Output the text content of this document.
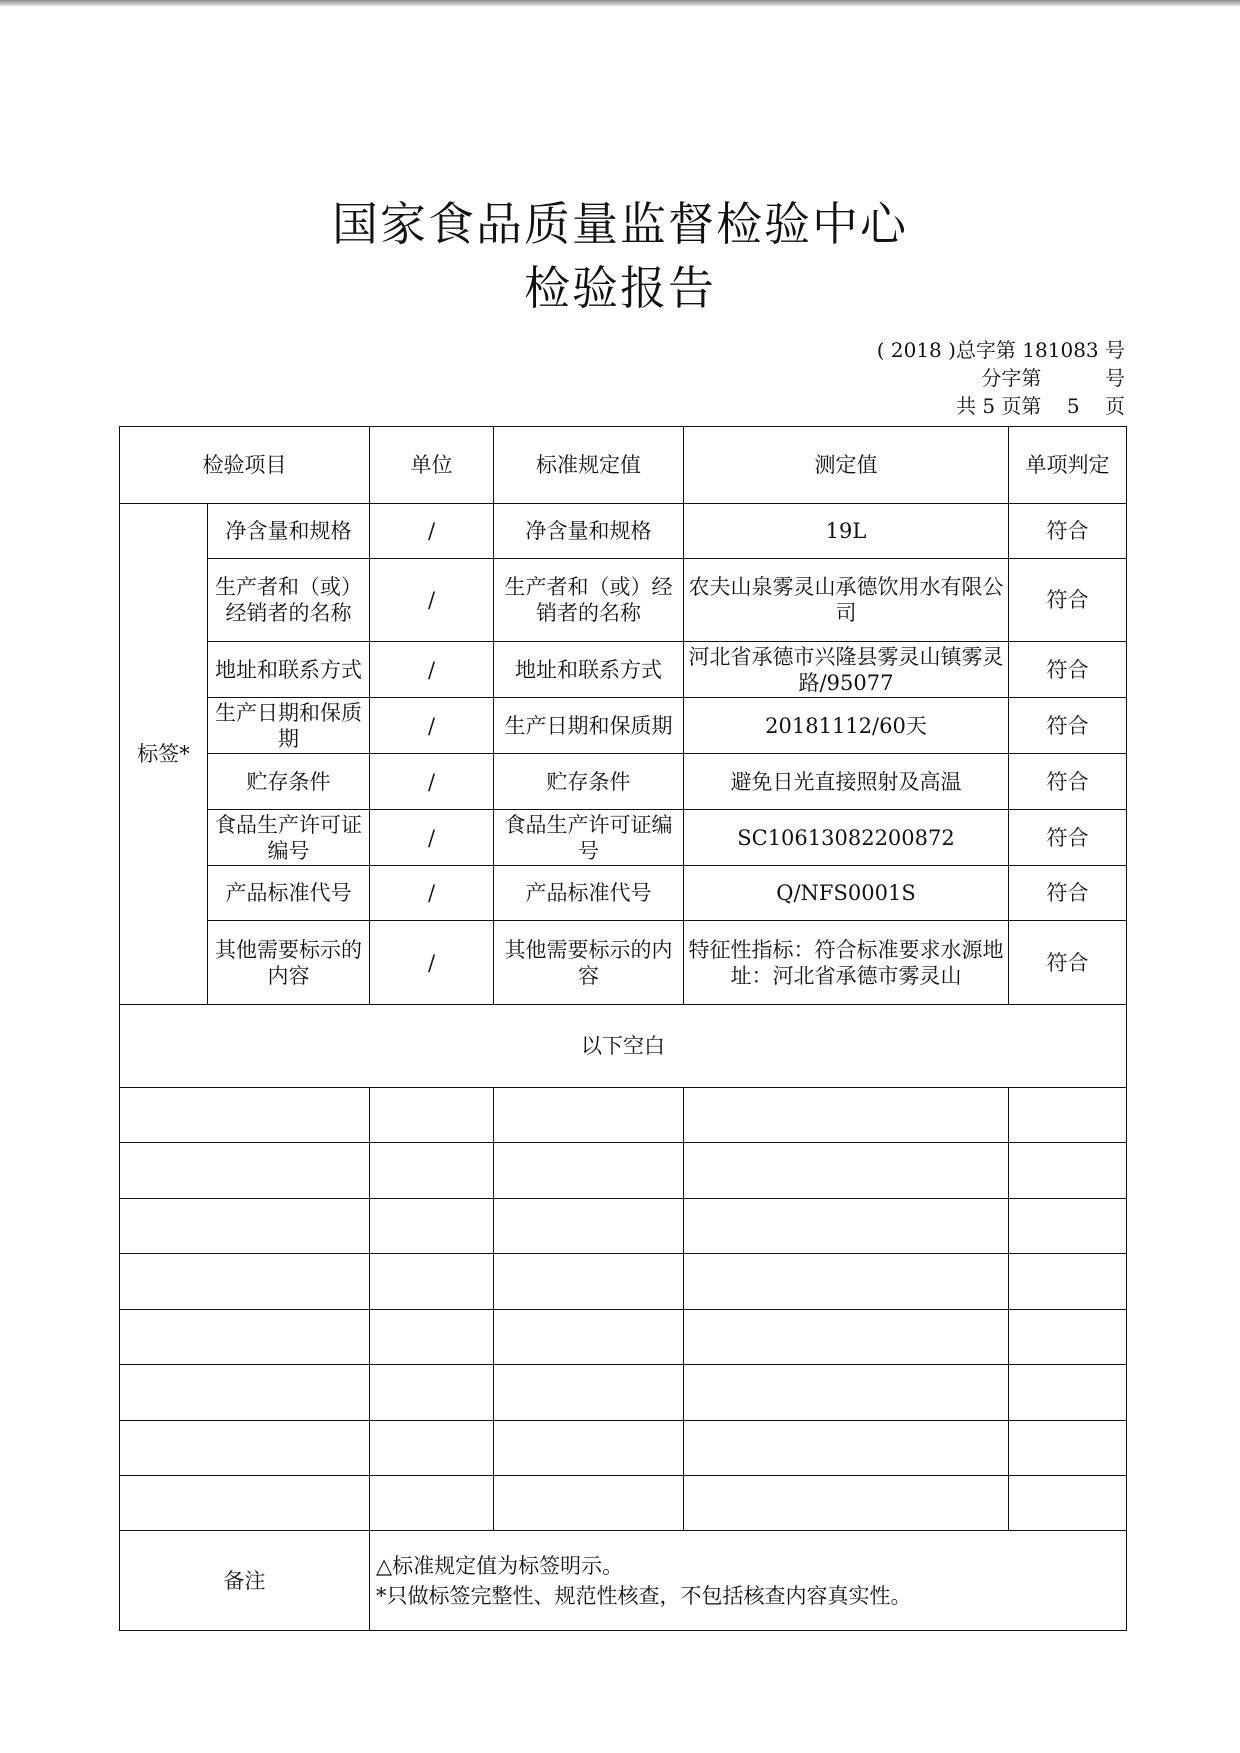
国家食品质量监督检验中心
检验报告
( 2018 )总字第 181083 号
分字第          号
共 5 页第    5    页
检验项目		单位	标准规定值	测定值	单项判定
标签*	净含量和规格	/	净含量和规格	19L	符合
	生产者和（或）经销者的名称	/	生产者和（或）经销者的名称	农夫山泉雾灵山承德饮用水有限公司	符合
	地址和联系方式	/	地址和联系方式	河北省承德市兴隆县雾灵山镇雾灵路/95077	符合
	生产日期和保质期	/	生产日期和保质期	20181112/60天	符合
	贮存条件	/	贮存条件	避免日光直接照射及高温	符合
	食品生产许可证编号	/	食品生产许可证编号	SC10613082200872	符合
	产品标准代号	/	产品标准代号	Q/NFS0001S	符合
	其他需要标示的内容	/	其他需要标示的内容	特征性指标：符合标准要求水源地址：河北省承德市雾灵山	符合
以下空白					

备注		△标准规定值为标签明示。
*只做标签完整性、规范性核查，不包括核查内容真实性。			
